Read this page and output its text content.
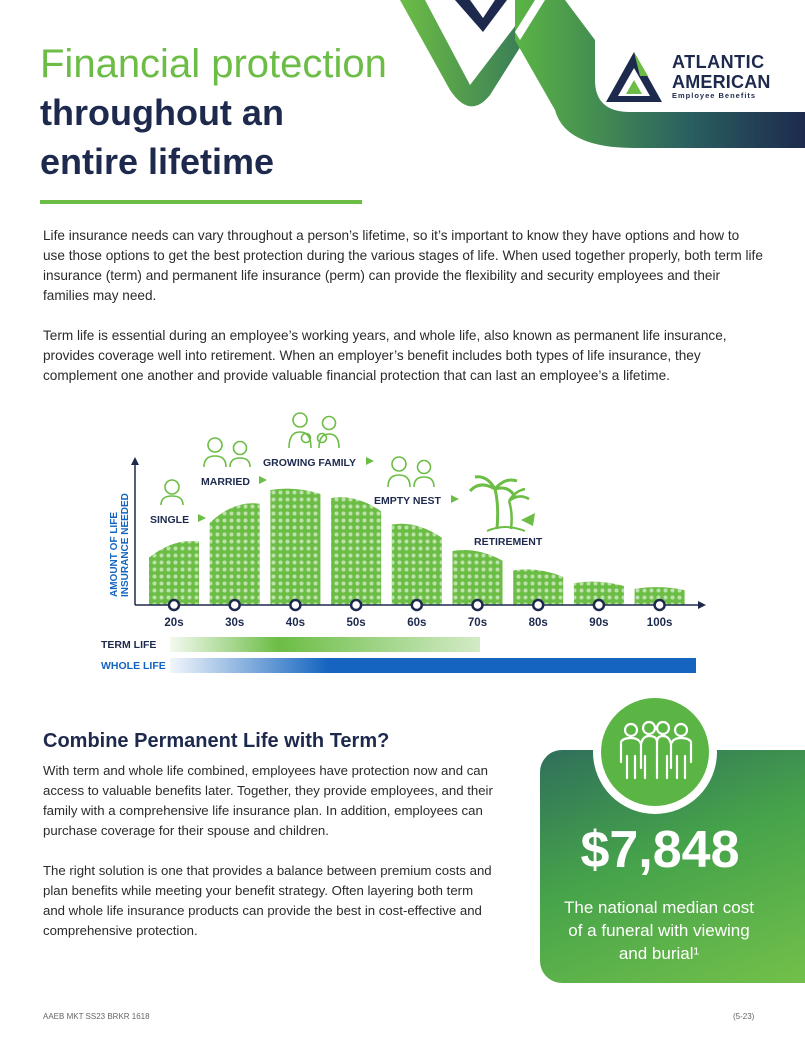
ATLANTIC
AMERICAN
Employee Benefits
Financial protection
throughout an
entire lifetime
Life insurance needs can vary throughout a person’s lifetime, so it’s important to know they have options and how to use those options to get the best protection during the various stages of life. When used together properly, both term life insurance (term) and permanent life insurance (perm) can provide the flexibility and security employees and their families may need.
Term life is essential during an employee’s working years, and whole life, also known as permanent life insurance, provides coverage well into retirement. When an employer’s benefit includes both types of life insurance, they complement one another and provide valuable financial protection that can last an employee’s a lifetime.
AMOUNT OF LIFE INSURANCE NEEDED
20s	30s	40s	50s	60s	70s	80s	90s	100s
SINGLE
MARRIED
GROWING FAMILY
EMPTY NEST
RETIREMENT
TERM LIFE
WHOLE LIFE
Combine Permanent Life with Term?
With term and whole life combined, employees have protection now and can access to valuable benefits later. Together, they provide employees, and their family with a comprehensive life insurance plan. In addition, employees can purchase coverage for their spouse and children.
The right solution is one that provides a balance between premium costs and plan benefits while meeting your benefit strategy. Often layering both term and whole life insurance products can provide the best in cost-effective and comprehensive protection.
$7,848
The national median cost of a funeral with viewing and burial¹
AAEB MKT SS23 BRKR 1618	(5-23)
